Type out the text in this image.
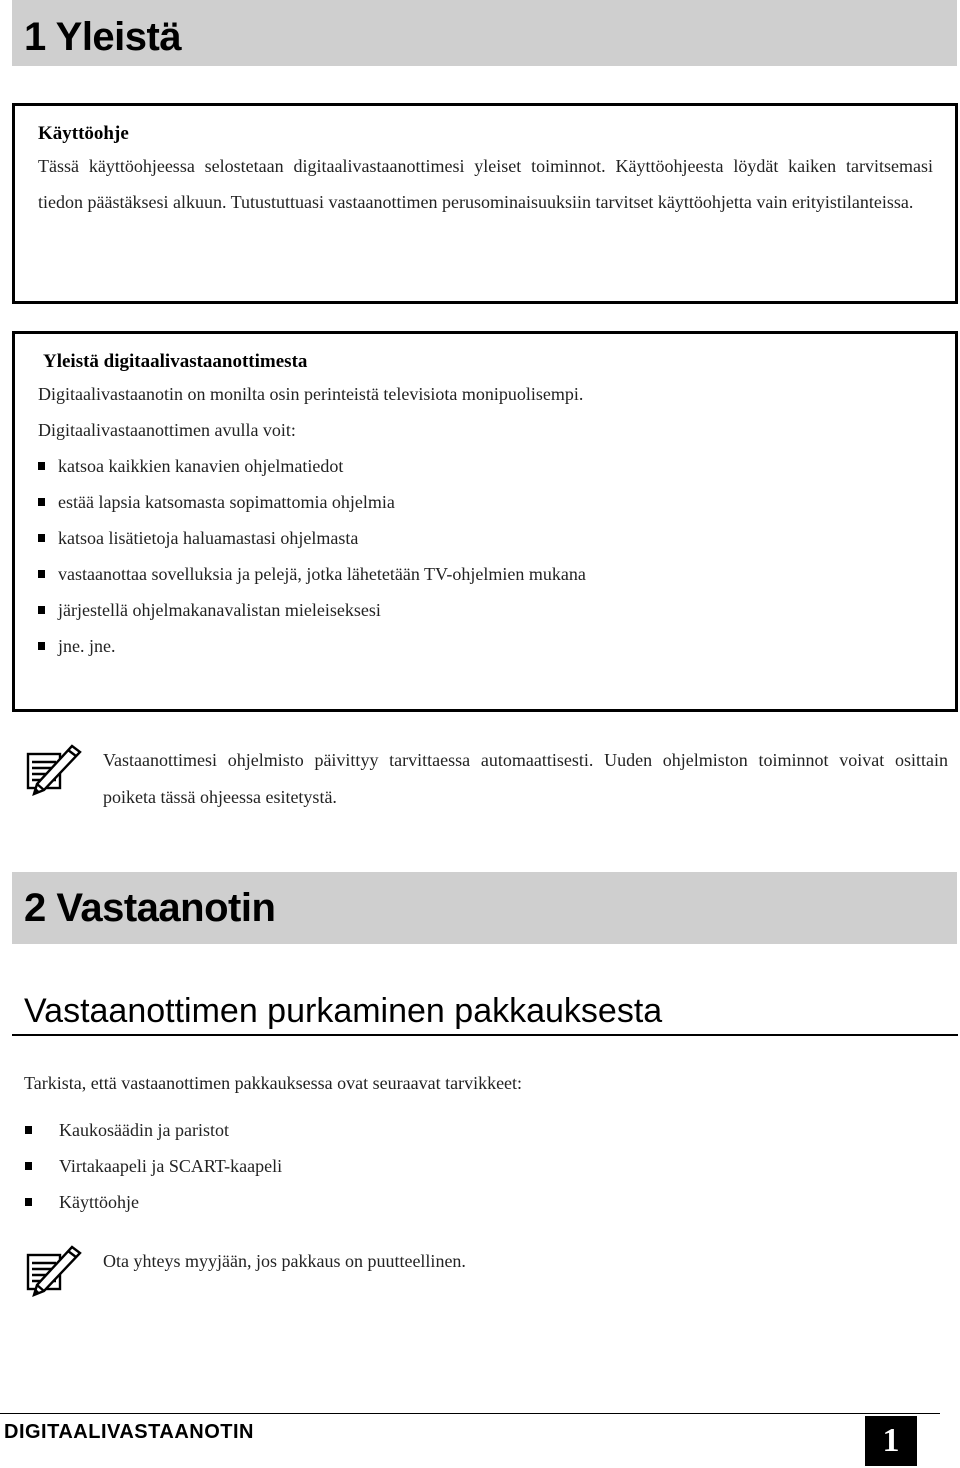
1 Yleistä

Käyttöohje

Tässä käyttöohjeessa selostetaan digitaalivastaanottimesi yleiset toiminnot. Käyttöohjeesta löydät kaiken tarvitsemasi tiedon päästäksesi alkuun. Tutustuttuasi vastaanottimen perusominaisuuksiin tarvitset käyttöohjetta vain erityistilanteissa.

Yleistä digitaalivastaanottimesta

Digitaalivastaanotin on monilta osin perinteistä televisiota monipuolisempi.

Digitaalivastaanottimen avulla voit:

katsoa kaikkien kanavien ohjelmatiedot
estää lapsia katsomasta sopimattomia ohjelmia
katsoa lisätietoja haluamastasi ohjelmasta
vastaanottaa sovelluksia ja pelejä, jotka lähetetään TV-ohjelmien mukana
järjestellä ohjelmakanavalistan mieleiseksesi
jne. jne.
Vastaanottimesi ohjelmisto päivittyy tarvittaessa automaattisesti. Uuden ohjelmiston toiminnot voivat osittain poiketa tässä ohjeessa esitetystä.
2 Vastaanotin
Vastaanottimen purkaminen pakkauksesta

Tarkista, että vastaanottimen pakkauksessa ovat seuraavat tarvikkeet:

Kaukosäädin ja paristot
Virtakaapeli ja SCART-kaapeli
Käyttöohje
Ota yhteys myyjään, jos pakkaus on puutteellinen.
DIGITAALIVASTAANOTIN	1
